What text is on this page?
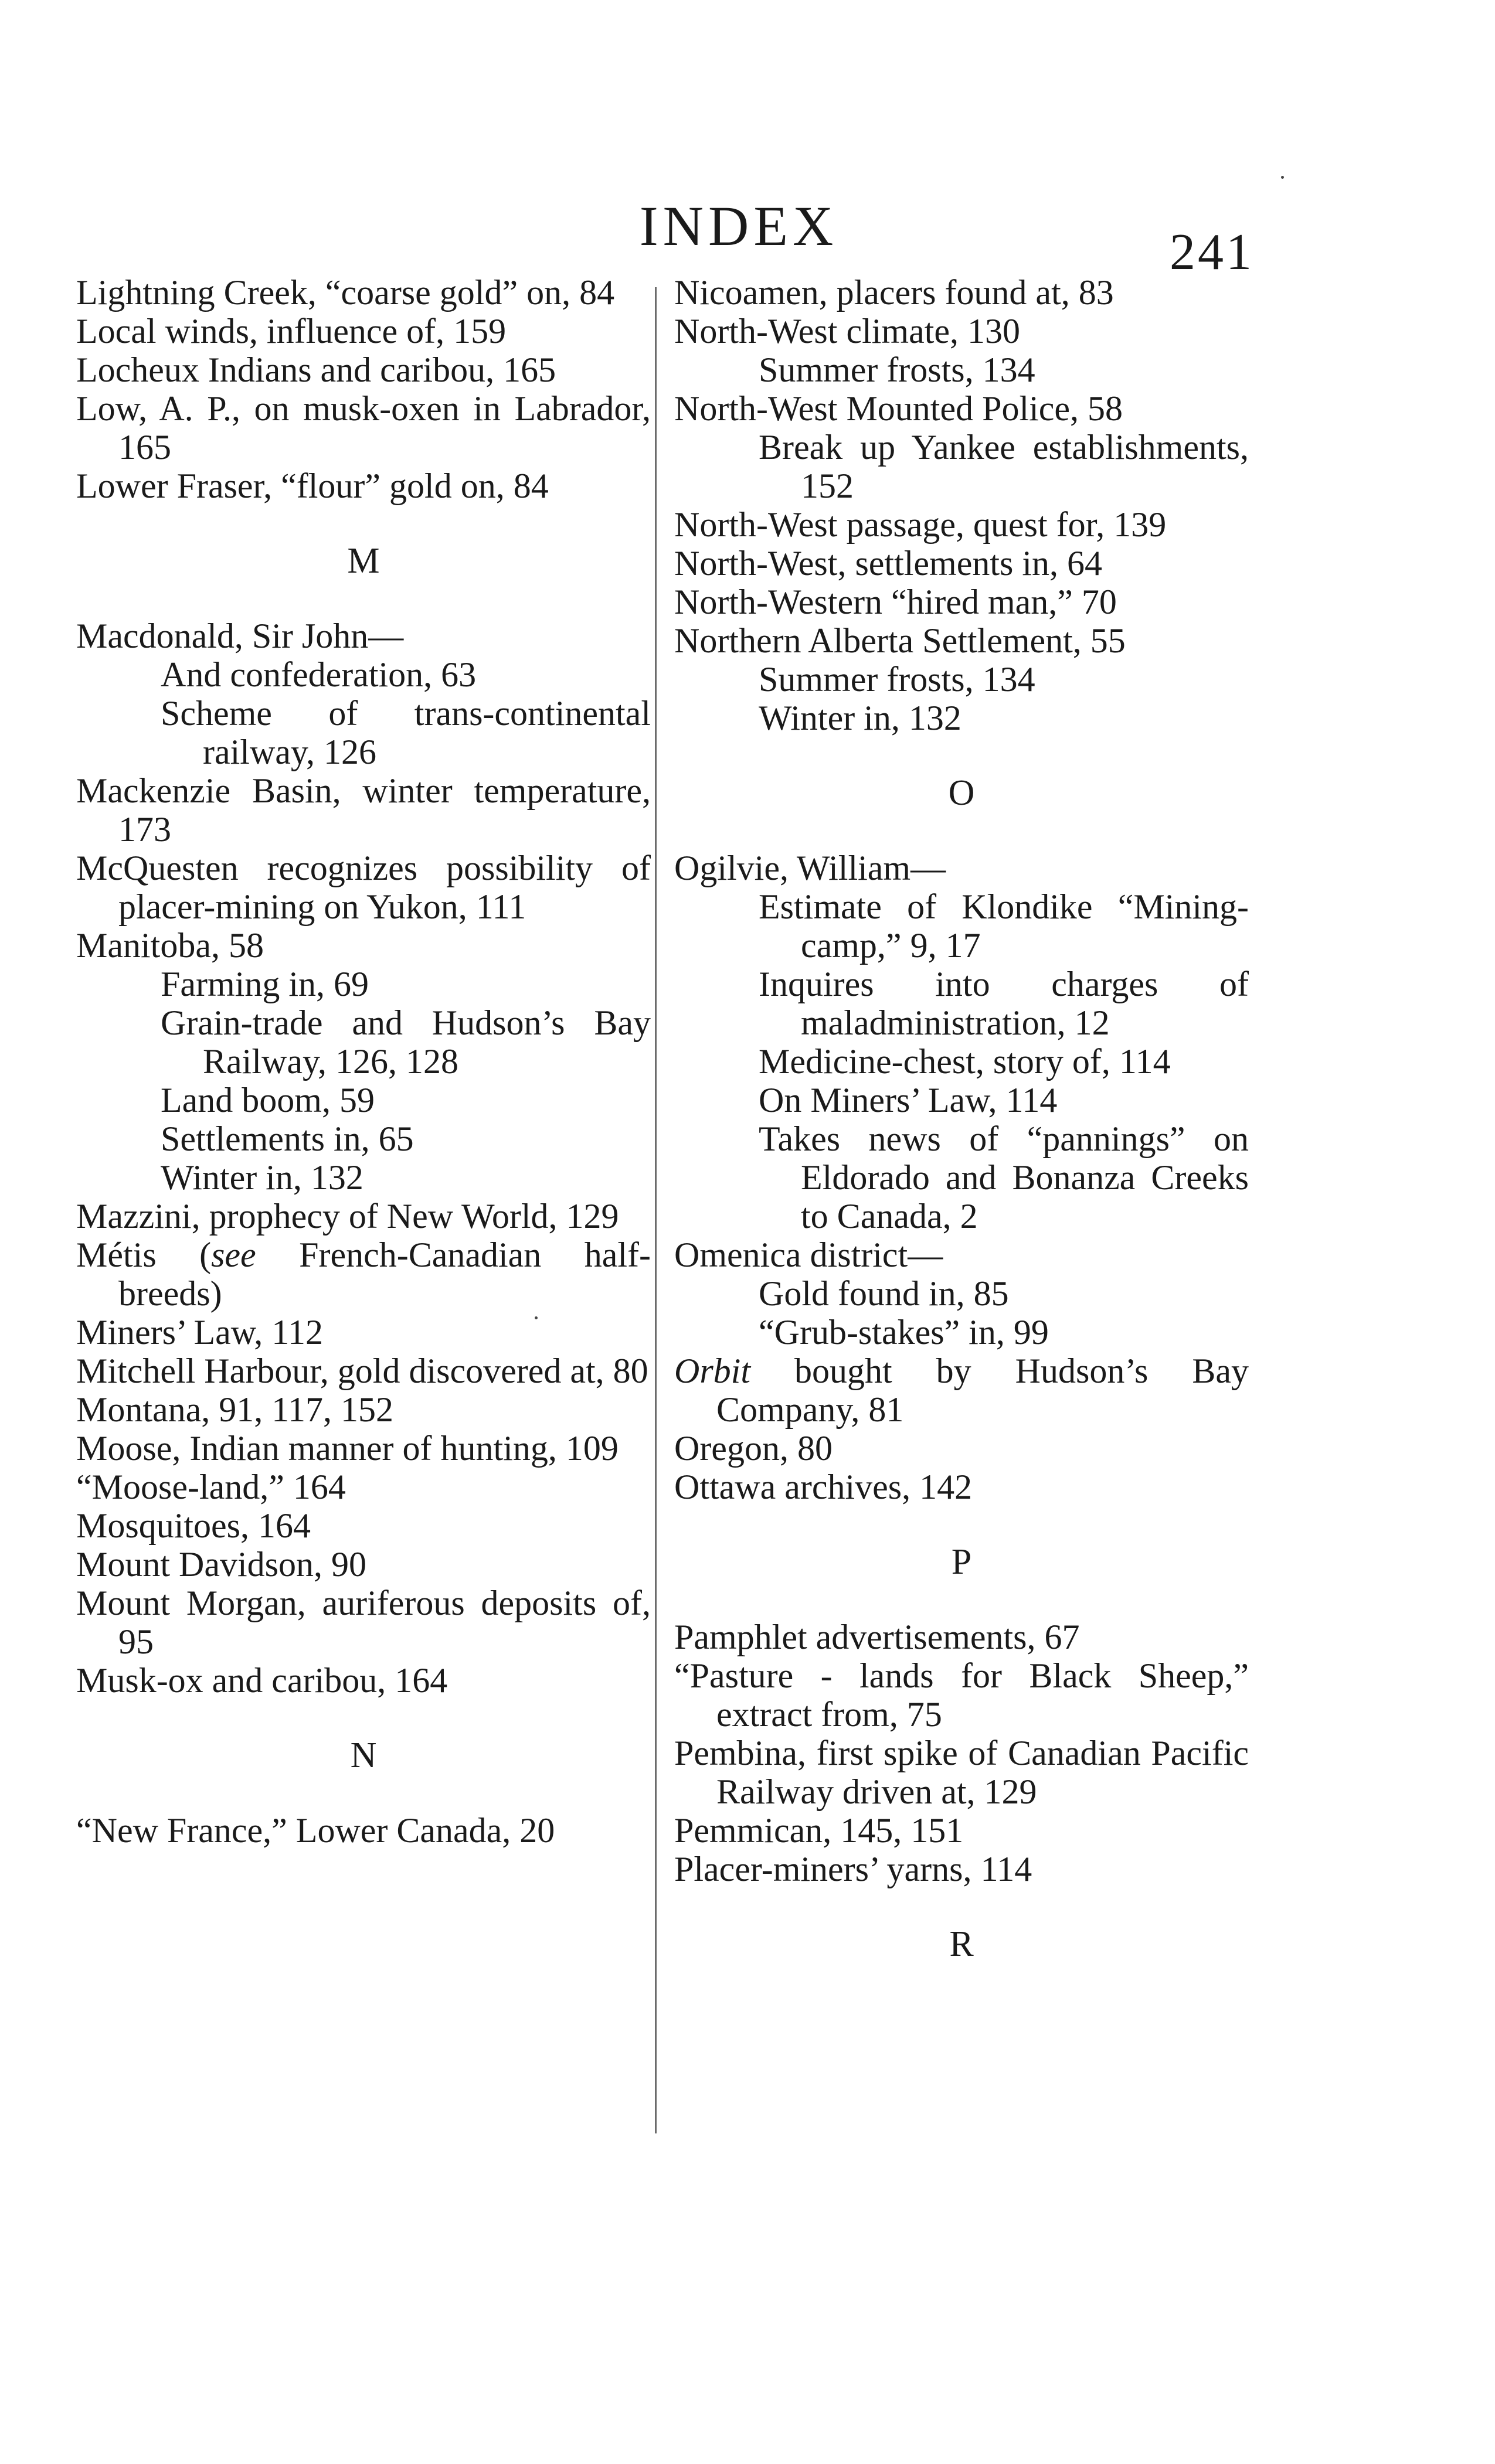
INDEX	241

Lightning Creek, “coarse gold” on, 84

Local winds, influence of, 159

Locheux Indians and caribou, 165

Low, A. P., on musk-oxen in Labrador, 165

Lower Fraser, “flour” gold on, 84

M

Macdonald, Sir John—

And confederation, 63

Scheme of trans-continental railway, 126

Mackenzie Basin, winter temperature, 173

McQuesten recognizes possibility of placer-mining on Yukon, 111

Manitoba, 58

Farming in, 69

Grain-trade and Hudson’s Bay Railway, 126, 128

Land boom, 59

Settlements in, 65

Winter in, 132

Mazzini, prophecy of New World, 129

Métis (see French-Canadian half-breeds)

Miners’ Law, 112

Mitchell Harbour, gold discovered at, 80

Montana, 91, 117, 152

Moose, Indian manner of hunting, 109

“Moose-land,” 164

Mosquitoes, 164

Mount Davidson, 90

Mount Morgan, auriferous deposits of, 95

Musk-ox and caribou, 164

N

“New France,” Lower Canada, 20

Nicoamen, placers found at, 83

North-West climate, 130

Summer frosts, 134

North-West Mounted Police, 58

Break up Yankee establishments, 152

North-West passage, quest for, 139

North-West, settlements in, 64

North-Western “hired man,” 70

Northern Alberta Settlement, 55

Summer frosts, 134

Winter in, 132

O

Ogilvie, William—

Estimate of Klondike “Mining-camp,” 9, 17

Inquires into charges of maladministration, 12

Medicine-chest, story of, 114

On Miners’ Law, 114

Takes news of “pannings” on Eldorado and Bonanza Creeks to Canada, 2

Omenica district—

Gold found in, 85

“Grub-stakes” in, 99

Orbit bought by Hudson’s Bay Company, 81

Oregon, 80

Ottawa archives, 142

P

Pamphlet advertisements, 67

“Pasture - lands for Black Sheep,” extract from, 75

Pembina, first spike of Canadian Pacific Railway driven at, 129

Pemmican, 145, 151

Placer-miners’ yarns, 114

R
